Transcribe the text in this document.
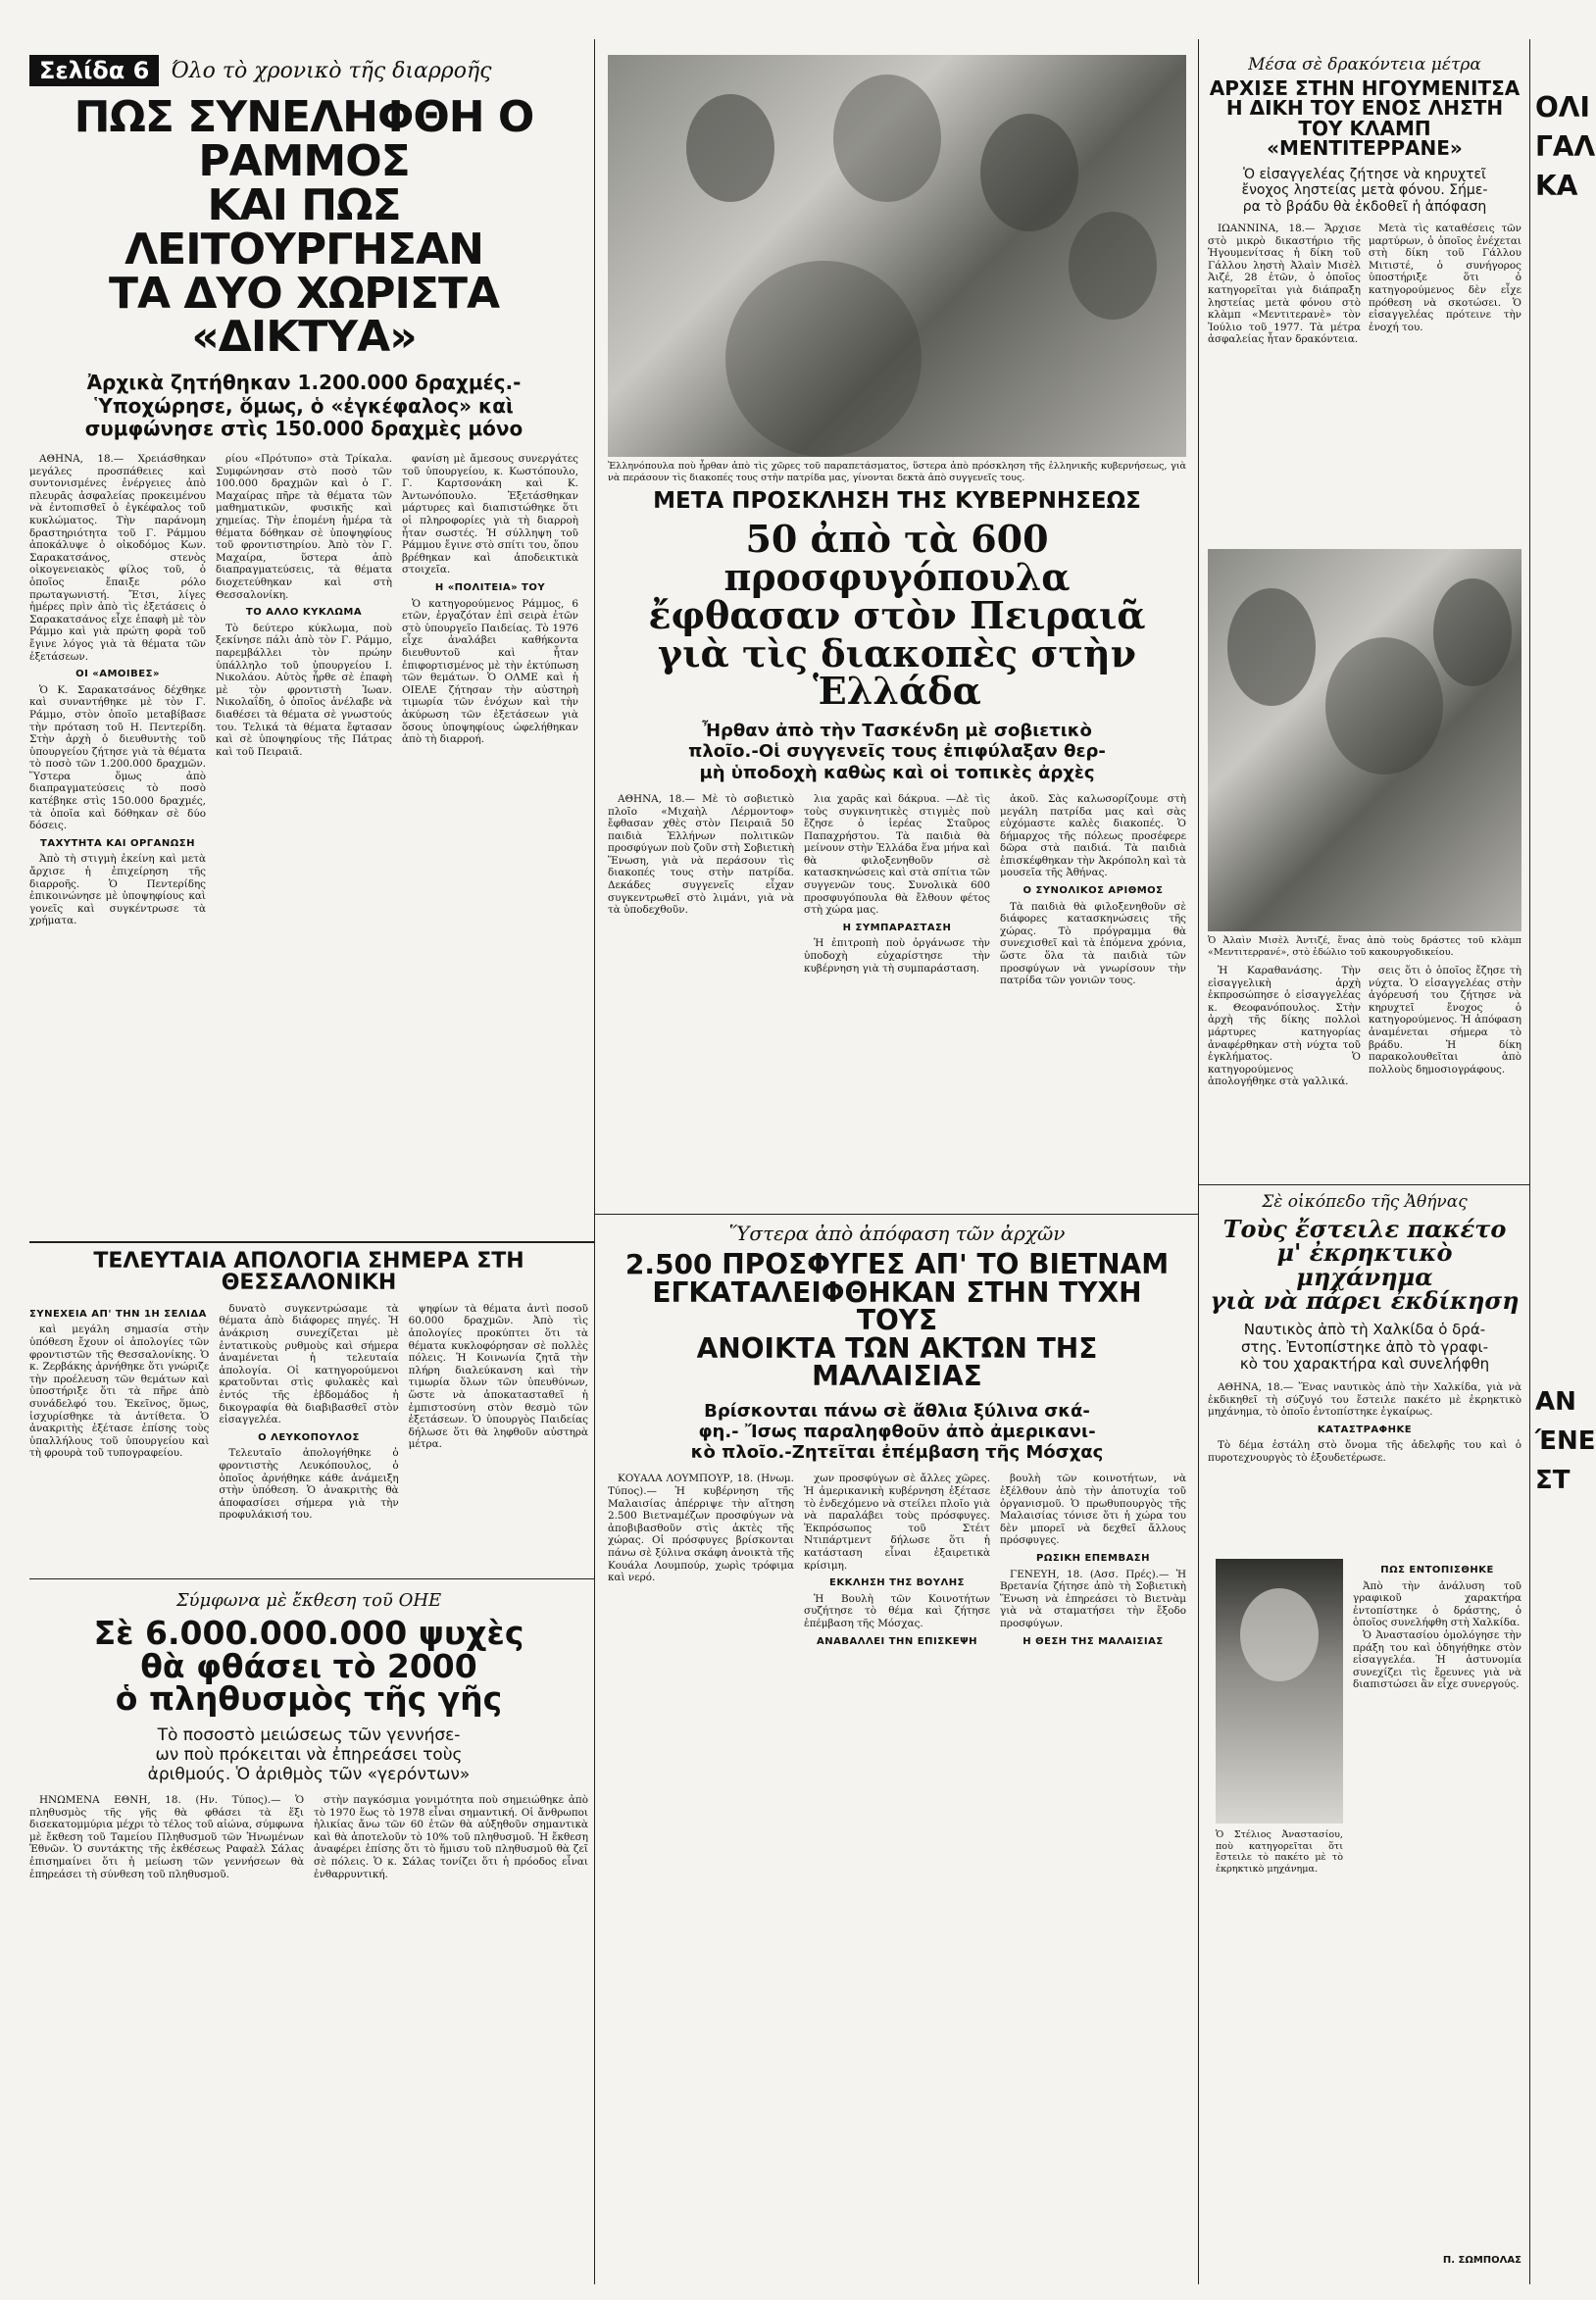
Σελίδα 6	Όλο τὸ χρονικὸ τῆς διαρροῆς
ΠΩΣ ΣΥΝΕΛΗΦΘΗ Ο ΡΑΜΜΟΣ
ΚΑΙ ΠΩΣ ΛΕΙΤΟΥΡΓΗΣΑΝ
ΤΑ ΔΥΟ ΧΩΡΙΣΤΑ «ΔΙΚΤΥΑ»
Ἀρχικὰ ζητήθηκαν 1.200.000 δραχμές.-
Ὑποχώρησε, ὅμως, ὁ «ἐγκέφαλος» καὶ
συμφώνησε στὶς 150.000 δραχμὲς μόνο

ΑΘΗΝΑ, 18.— Χρειάσθηκαν μεγάλες προσπάθειες καὶ συντονισμένες ἐνέργειες ἀπὸ πλευρᾶς ἀσφαλείας προκειμένου νὰ ἐντοπισθεῖ ὁ ἐγκέφαλος τοῦ κυκλώματος. Τὴν παράνομη δραστηριότητα τοῦ Γ. Ράμμου ἀποκάλυψε ὁ οἰκοδόμος Κων. Σαρακατσάνος, στενὸς οἰκογενειακὸς φίλος τοῦ, ὁ ὁποῖος ἔπαιξε ρόλο πρωταγωνιστή. Ἔτσι, λίγες ἡμέρες πρὶν ἀπὸ τὶς ἐξετάσεις ὁ Σαρακατσάνος εἶχε ἐπαφὴ μὲ τὸν Ράμμο καὶ γιὰ πρώτη φορὰ τοῦ ἔγινε λόγος γιὰ τὰ θέματα τῶν ἐξετάσεων.

ΟΙ «ΑΜΟΙΒΕΣ»

Ὁ Κ. Σαρακατσάνος δέχθηκε καὶ συναντήθηκε μὲ τὸν Γ. Ράμμο, στὸν ὁποῖο μεταβίβασε τὴν πρόταση τοῦ Η. Πεντερίδη. Στὴν ἀρχὴ ὁ διευθυντὴς τοῦ ὑπουργείου ζήτησε γιὰ τὰ θέματα τὸ ποσὸ τῶν 1.200.000 δραχμῶν. Ὕστερα ὅμως ἀπὸ διαπραγματεύσεις τὸ ποσὸ κατέβηκε στὶς 150.000 δραχμές, τὰ ὁποῖα καὶ δόθηκαν σὲ δύο δόσεις.

ΤΑΧΥΤΗΤΑ ΚΑΙ ΟΡΓΑΝΩΣΗ

Ἀπὸ τὴ στιγμὴ ἐκείνη καὶ μετὰ ἄρχισε ἡ ἐπιχείρηση τῆς διαρροῆς. Ὁ Πεντερίδης ἐπικοινώνησε μὲ ὑποψηφίους καὶ γονεῖς καὶ συγκέντρωσε τὰ χρήματα.

ρίου «Πρότυπο» στὰ Τρίκαλα. Συμφώνησαν στὸ ποσὸ τῶν 100.000 δραχμῶν καὶ ὁ Γ. Μαχαίρας πῆρε τὰ θέματα τῶν μαθηματικῶν, φυσικῆς καὶ χημείας. Τὴν ἑπομένη ἡμέρα τὰ θέματα δόθηκαν σὲ ὑποψηφίους τοῦ φροντιστηρίου. Ἀπὸ τὸν Γ. Μαχαίρα, ὕστερα ἀπὸ διαπραγματεύσεις, τὰ θέματα διοχετεύθηκαν καὶ στὴ Θεσσαλονίκη.

ΤΟ ΑΛΛΟ ΚΥΚΛΩΜΑ

Τὸ δεύτερο κύκλωμα, ποὺ ξεκίνησε πάλι ἀπὸ τὸν Γ. Ράμμο, παρεμβάλλει τὸν πρώην ὑπάλληλο τοῦ ὑπουργείου Ι. Νικολάου. Αὐτὸς ἦρθε σὲ ἐπαφὴ μὲ τὸν φροντιστὴ Ἰωαν. Νικολαΐδη, ὁ ὁποῖος ἀνέλαβε νὰ διαθέσει τὰ θέματα σὲ γνωστούς του. Τελικά τὰ θέματα ἔφτασαν καὶ σὲ ὑποψηφίους τῆς Πάτρας καὶ τοῦ Πειραιᾶ.

φανίση μὲ ἄμεσους συνεργάτες τοῦ ὑπουργείου, κ. Κωστόπουλο, Γ. Καρτσονάκη καὶ Κ. Ἀντωνόπουλο. Ἐξετάσθηκαν μάρτυρες καὶ διαπιστώθηκε ὅτι οἱ πληροφορίες γιὰ τὴ διαρροὴ ἦταν σωστές. Ἡ σύλληψη τοῦ Ράμμου ἔγινε στὸ σπίτι του, ὅπου βρέθηκαν καὶ ἀποδεικτικὰ στοιχεῖα.

Η «ΠΟΛΙΤΕΙΑ» ΤΟΥ

Ὁ κατηγορούμενος Ράμμος, 6 ετῶν, ἐργαζόταν ἐπὶ σειρὰ ἐτῶν στὸ ὑπουργεῖο Παιδείας. Τὸ 1976 εἶχε ἀναλάβει καθήκοντα διευθυντοῦ καὶ ἦταν ἐπιφορτισμένος μὲ τὴν ἐκτύπωση τῶν θεμάτων. Ὁ ΟΛΜΕ καὶ ἡ ΟΙΕΛΕ ζήτησαν τὴν αὐστηρὴ τιμωρία τῶν ἐνόχων καὶ τὴν ἀκύρωση τῶν ἐξετάσεων γιὰ ὅσους ὑποψηφίους ὠφελήθηκαν ἀπὸ τὴ διαρροή.

ΤΕΛΕΥΤΑΙΑ ΑΠΟΛΟΓΙΑ ΣΗΜΕΡΑ ΣΤΗ ΘΕΣΣΑΛΟΝΙΚΗ
ΣΥΝΕΧΕΙΑ ΑΠ' ΤΗΝ 1Η ΣΕΛΙΔΑ

καὶ μεγάλη σημασία στὴν ὑπόθεση ἔχουν οἱ ἀπολογίες τῶν φροντιστῶν τῆς Θεσσαλονίκης. Ὁ κ. Ζερβάκης ἀρνήθηκε ὅτι γνώριζε τὴν προέλευση τῶν θεμάτων καὶ ὑποστήριξε ὅτι τὰ πῆρε ἀπὸ συνάδελφό του. Ἐκεῖνος, ὅμως, ἰσχυρίσθηκε τὰ ἀντίθετα. Ὁ ἀνακριτὴς ἐξέτασε ἐπίσης τοὺς ὑπαλλήλους τοῦ ὑπουργείου καὶ τὴ φρουρὰ τοῦ τυπογραφείου.

δυνατὸ συγκεντρώσαμε τὰ θέματα ἀπὸ διάφορες πηγές. Ἡ ἀνάκριση συνεχίζεται μὲ ἐντατικοὺς ρυθμοὺς καὶ σήμερα ἀναμένεται ἡ τελευταία ἀπολογία. Οἱ κατηγορούμενοι κρατοῦνται στὶς φυλακὲς καὶ ἐντός τῆς ἑβδομάδος ἡ δικογραφία θὰ διαβιβασθεῖ στὸν εἰσαγγελέα.

Ο ΛΕΥΚΟΠΟΥΛΟΣ

Τελευταῖο ἀπολογήθηκε ὁ φροντιστὴς Λευκόπουλος, ὁ ὁποῖος ἀρνήθηκε κάθε ἀνάμειξη στὴν ὑπόθεση. Ὁ ἀνακριτὴς θὰ ἀποφασίσει σήμερα γιὰ τὴν προφυλάκισή του.

ψηφίων τὰ θέματα ἀντὶ ποσοῦ 60.000 δραχμῶν. Ἀπὸ τὶς ἀπολογίες προκύπτει ὅτι τὰ θέματα κυκλοφόρησαν σὲ πολλὲς πόλεις. Ἡ Κοινωνία ζητᾶ τὴν πλήρη διαλεύκανση καὶ τὴν τιμωρία ὅλων τῶν ὑπευθύνων, ὥστε νὰ ἀποκατασταθεῖ ἡ ἐμπιστοσύνη στὸν θεσμὸ τῶν ἐξετάσεων. Ὁ ὑπουργὸς Παιδείας δήλωσε ὅτι θὰ ληφθοῦν αὐστηρὰ μέτρα.

Σύμφωνα μὲ ἔκθεση τοῦ ΟΗΕ
Σὲ 6.000.000.000 ψυχὲς
θὰ φθάσει τὸ 2000
ὁ πληθυσμὸς τῆς γῆς
Τὸ ποσοστὸ μειώσεως τῶν γεννήσε-
ων ποὺ πρόκειται νὰ ἐπηρεάσει τοὺς
ἀριθμούς. Ὁ ἀριθμὸς τῶν «γερόντων»

ΗΝΩΜΕΝΑ ΕΘΝΗ, 18. (Ην. Τύπος).— Ὁ πληθυσμὸς τῆς γῆς θὰ φθάσει τὰ ἕξι δισεκατομμύρια μέχρι τὸ τέλος τοῦ αἰώνα, σύμφωνα μὲ ἔκθεση τοῦ Ταμείου Πληθυσμοῦ τῶν Ἡνωμένων Ἐθνῶν. Ὁ συντάκτης τῆς ἐκθέσεως Ραφαὲλ Σάλας ἐπισημαίνει ὅτι ἡ μείωση τῶν γεννήσεων θὰ ἐπηρεάσει τὴ σύνθεση τοῦ πληθυσμοῦ.

στὴν παγκόσμια γονιμότητα ποὺ σημειώθηκε ἀπὸ τὸ 1970 ἕως τὸ 1978 εἶναι σημαντική. Οἱ ἄνθρωποι ἡλικίας ἄνω τῶν 60 ἐτῶν θὰ αὐξηθοῦν σημαντικὰ καὶ θὰ ἀποτελοῦν τὸ 10% τοῦ πληθυσμοῦ. Ἡ ἔκθεση ἀναφέρει ἐπίσης ὅτι τὸ ἥμισυ τοῦ πληθυσμοῦ θὰ ζεῖ σὲ πόλεις. Ὁ κ. Σάλας τονίζει ὅτι ἡ πρόοδος εἶναι ἐνθαρρυντική.

Ἐλληνόπουλα ποὺ ἦρθαν ἀπὸ τὶς χῶρες τοῦ παραπετάσματος, ὕστερα ἀπὸ πρόσκληση τῆς ἑλληνικῆς κυβερνήσεως, γιὰ νὰ περάσουν τὶς διακοπές τους στὴν πατρίδα μας, γίνονται δεκτὰ ἀπὸ συγγενεῖς τους.

ΜΕΤΑ ΠΡΟΣΚΛΗΣΗ ΤΗΣ ΚΥΒΕΡΝΗΣΕΩΣ
50 ἀπὸ τὰ 600 προσφυγόπουλα
ἔφθασαν στὸν Πειραιᾶ
γιὰ τὶς διακοπὲς στὴν Ἑλλάδα
Ἦρθαν ἀπὸ τὴν Τασκένδη μὲ σοβιετικὸ
πλοῖο.-Οἱ συγγενεῖς τους ἐπιφύλαξαν θερ-
μὴ ὑποδοχὴ καθὼς καὶ οἱ τοπικὲς ἀρχὲς

ΑΘΗΝΑ, 18.— Μὲ τὸ σοβιετικὸ πλοῖο «Μιχαὴλ Λέρμοντοφ» ἔφθασαν χθὲς στὸν Πειραιᾶ 50 παιδιὰ Ἑλλήνων πολιτικῶν προσφύγων ποὺ ζοῦν στὴ Σοβιετικὴ Ἕνωση, γιὰ νὰ περάσουν τὶς διακοπές τους στὴν πατρίδα. Δεκάδες συγγενεῖς εἶχαν συγκεντρωθεῖ στὸ λιμάνι, γιὰ νὰ τὰ ὑποδεχθοῦν.

λια χαρᾶς καὶ δάκρυα. —Δὲ τὶς τοὺς συγκινητικὲς στιγμὲς ποὺ ἔζησε ὁ ἱερέας Σταῦρος Παπαχρήστου. Τὰ παιδιὰ θὰ μείνουν στὴν Ἑλλάδα ἕνα μήνα καὶ θὰ φιλοξενηθοῦν σὲ κατασκηνώσεις καὶ στὰ σπίτια τῶν συγγενῶν τους. Συνολικὰ 600 προσφυγόπουλα θὰ ἔλθουν φέτος στὴ χώρα μας.

Η ΣΥΜΠΑΡΑΣΤΑΣΗ

Ἡ ἐπιτροπὴ ποὺ ὀργάνωσε τὴν ὑποδοχὴ εὐχαρίστησε τὴν κυβέρνηση γιὰ τὴ συμπαράσταση.

ἀκοῦ. Σὰς καλωσορίζουμε στὴ μεγάλη πατρίδα μας καὶ σὰς εὐχόμαστε καλὲς διακοπές. Ὁ δήμαρχος τῆς πόλεως προσέφερε δῶρα στὰ παιδιά. Τὰ παιδιὰ ἐπισκέφθηκαν τὴν Ἀκρόπολη καὶ τὰ μουσεῖα τῆς Ἀθήνας.

Ο ΣΥΝΟΛΙΚΟΣ ΑΡΙΘΜΟΣ

Τὰ παιδιὰ θὰ φιλοξενηθοῦν σὲ διάφορες κατασκηνώσεις τῆς χώρας. Τὸ πρόγραμμα θὰ συνεχισθεῖ καὶ τὰ ἑπόμενα χρόνια, ὥστε ὅλα τὰ παιδιὰ τῶν προσφύγων νὰ γνωρίσουν τὴν πατρίδα τῶν γονιῶν τους.

Ὕστερα ἀπὸ ἀπόφαση τῶν ἀρχῶν
2.500 ΠΡΟΣΦΥΓΕΣ ΑΠ' ΤΟ ΒΙΕΤΝΑΜ
ΕΓΚΑΤΑΛΕΙΦΘΗΚΑΝ ΣΤΗΝ ΤΥΧΗ ΤΟΥΣ
ΑΝΟΙΚΤΑ ΤΩΝ ΑΚΤΩΝ ΤΗΣ ΜΑΛΑΙΣΙΑΣ
Βρίσκονται πάνω σὲ ἄθλια ξύλινα σκά-
φη.- Ἴσως παραληφθοῦν ἀπὸ ἀμερικανι-
κὸ πλοῖο.-Ζητεῖται ἐπέμβαση τῆς Μόσχας

ΚΟΥΑΛΑ ΛΟΥΜΠΟΥΡ, 18. (Ηνωμ. Τύπος).— Ἡ κυβέρνηση τῆς Μαλαισίας ἀπέρριψε τὴν αἴτηση 2.500 Βιετναμέζων προσφύγων νὰ ἀποβιβασθοῦν στὶς ἀκτὲς τῆς χώρας. Οἱ πρόσφυγες βρίσκονται πάνω σὲ ξύλινα σκάφη ἀνοικτὰ τῆς Κουάλα Λουμπούρ, χωρὶς τρόφιμα καὶ νερό.

χων προσφύγων σὲ ἄλλες χῶρες. Ἡ ἀμερικανικὴ κυβέρνηση ἐξέτασε τὸ ἐνδεχόμενο νὰ στείλει πλοῖο γιὰ νὰ παραλάβει τοὺς πρόσφυγες. Ἐκπρόσωπος τοῦ Στέιτ Ντιπάρτμεντ δήλωσε ὅτι ἡ κατάσταση εἶναι ἐξαιρετικὰ κρίσιμη.

ΕΚΚΛΗΣΗ ΤΗΣ ΒΟΥΛΗΣ

Ἡ Βουλὴ τῶν Κοινοτήτων συζήτησε τὸ θέμα καὶ ζήτησε ἐπέμβαση τῆς Μόσχας.

ΑΝΑΒΑΛΛΕΙ ΤΗΝ ΕΠΙΣΚΕΨΗ

βουλὴ τῶν κοινοτήτων, νὰ ἐξέλθουν ἀπὸ τὴν ἀποτυχία τοῦ ὀργανισμοῦ. Ὁ πρωθυπουργὸς τῆς Μαλαισίας τόνισε ὅτι ἡ χώρα του δὲν μπορεῖ νὰ δεχθεῖ ἄλλους πρόσφυγες.

ΡΩΣΙΚΗ ΕΠΕΜΒΑΣΗ

ΓΕΝΕΥΗ, 18. (Ασσ. Πρές).— Ἡ Βρετανία ζήτησε ἀπὸ τὴ Σοβιετικὴ Ἕνωση νὰ ἐπηρεάσει τὸ Βιετνὰμ γιὰ νὰ σταματήσει τὴν ἔξοδο προσφύγων.

Η ΘΕΣΗ ΤΗΣ ΜΑΛΑΙΣΙΑΣ
Μέσα σὲ δρακόντεια μέτρα
ΑΡΧΙΣΕ ΣΤΗΝ ΗΓΟΥΜΕΝΙΤΣΑ
Η ΔΙΚΗ ΤΟΥ ΕΝΟΣ ΛΗΣΤΗ
ΤΟΥ ΚΛΑΜΠ «ΜΕΝΤΙΤΕΡΡΑΝΕ»
Ὁ εἰσαγγελέας ζήτησε νὰ κηρυχτεῖ
ἔνοχος ληστείας μετὰ φόνου. Σήμε-
ρα τὸ βράδυ θὰ ἐκδοθεῖ ἡ ἀπόφαση

ΙΩΑΝΝΙΝΑ, 18.— Ἄρχισε στὸ μικρὸ δικαστήριο τῆς Ἡγουμενίτσας ἡ δίκη τοῦ Γάλλου ληστὴ Ἀλαὶν Μισὲλ Ἀιζέ, 28 ἐτῶν, ὁ ὁποῖος κατηγορεῖται γιὰ διάπραξη ληστείας μετὰ φόνου στὸ κλὰμπ «Μεντιτερανὲ» τὸν Ἰούλιο τοῦ 1977. Τὰ μέτρα ἀσφαλείας ἦταν δρακόντεια.

Μετὰ τὶς καταθέσεις τῶν μαρτύρων, ὁ ὁποῖος ἐνέχεται στὴ δίκη τοῦ Γάλλου Μιτιστέ, ὁ συνήγορος ὑποστήριξε ὅτι ὁ κατηγορούμενος δὲν εἶχε πρόθεση νὰ σκοτώσει. Ὁ εἰσαγγελέας πρότεινε τὴν ἐνοχή του.

Ὁ Ἀλαὶν Μισὲλ Ἀντιζέ, ἕνας ἀπὸ τοὺς δράστες τοῦ κλὰμπ «Μεντιτερρανέ», στὸ ἑδώλιο τοῦ κακουργοδικείου.

Ἡ Καραθανάσης. Τὴν εἰσαγγελικὴ ἀρχὴ ἐκπροσώπησε ὁ εἰσαγγελέας κ. Θεοφανόπουλος. Στὴν ἀρχὴ τῆς δίκης πολλοὶ μάρτυρες κατηγορίας ἀναφέρθηκαν στὴ νύχτα τοῦ ἐγκλήματος. Ὁ κατηγορούμενος ἀπολογήθηκε στὰ γαλλικά.

σεις ὅτι ὁ ὁποῖος ἔζησε τὴ νύχτα. Ὁ εἰσαγγελέας στὴν ἀγόρευσή του ζήτησε νὰ κηρυχτεῖ ἔνοχος ὁ κατηγορούμενος. Ἡ ἀπόφαση ἀναμένεται σήμερα τὸ βράδυ. Ἡ δίκη παρακολουθεῖται ἀπὸ πολλοὺς δημοσιογράφους.

Σὲ οἰκόπεδο τῆς Ἀθήνας
Τοὺς ἔστειλε πακέτο
μ' ἐκρηκτικὸ μηχάνημα
γιὰ νὰ πάρει ἐκδίκηση
Ναυτικὸς ἀπὸ τὴ Χαλκίδα ὁ δρά-
στης. Ἐντοπίστηκε ἀπὸ τὸ γραφι-
κὸ του χαρακτήρα καὶ συνελήφθη

ΑΘΗΝΑ, 18.— Ἕνας ναυτικὸς ἀπὸ τὴν Χαλκίδα, γιὰ νὰ ἐκδικηθεῖ τὴ σύζυγό του ἔστειλε πακέτο μὲ ἐκρηκτικὸ μηχάνημα, τὸ ὁποῖο ἐντοπίστηκε ἐγκαίρως.

ΚΑΤΑΣΤΡΑΦΗΚΕ

Τὸ δέμα ἐστάλη στὸ ὄνομα τῆς ἀδελφῆς του καὶ ὁ πυροτεχνουργὸς τὸ ἐξουδετέρωσε.

ΠΩΣ ΕΝΤΟΠΙΣΘΗΚΕ

Ἀπὸ τὴν ἀνάλυση τοῦ γραφικοῦ χαρακτήρα ἐντοπίστηκε ὁ δράστης, ὁ ὁποῖος συνελήφθη στὴ Χαλκίδα.

Ὁ Ἀναστασίου ὁμολόγησε τὴν πράξη του καὶ ὁδηγήθηκε στὸν εἰσαγγελέα. Ἡ ἀστυνομία συνεχίζει τὶς ἔρευνες γιὰ νὰ διαπιστώσει ἂν εἶχε συνεργούς.

Ὁ Στέλιος Ἀναστασίου, ποὺ κατηγορεῖται ὅτι ἔστειλε τὸ πακέτο μὲ τὸ ἐκρηκτικὸ μηχάνημα.

Π. ΣΩΜΠΟΛΑΣ
ΟΛΙ
ΓΑΛ
ΚΑ
ΑΝ
ΈΝΕ
ΣΤ
